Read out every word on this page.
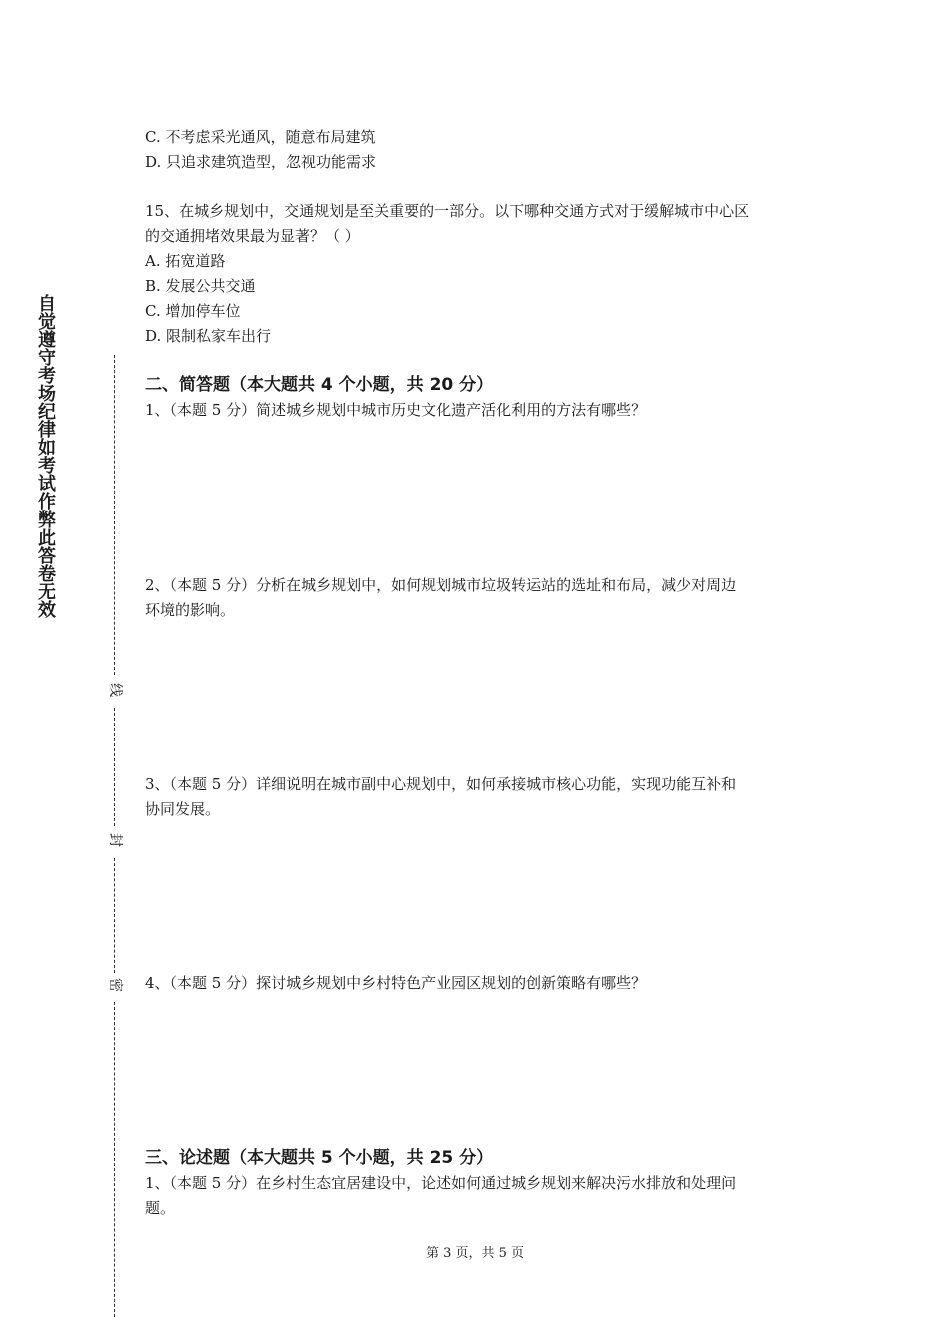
自觉遵守考场纪律如考试作弊此答卷无效
线
封
密
C. 不考虑采光通风，随意布局建筑
D. 只追求建筑造型，忽视功能需求
15、在城乡规划中，交通规划是至关重要的一部分。以下哪种交通方式对于缓解城市中心区
的交通拥堵效果最为显著？（ ）
A. 拓宽道路
B. 发展公共交通
C. 增加停车位
D. 限制私家车出行
二、简答题（本大题共 4 个小题，共 20 分）
1、（本题 5 分）简述城乡规划中城市历史文化遗产活化利用的方法有哪些？
2、（本题 5 分）分析在城乡规划中，如何规划城市垃圾转运站的选址和布局，减少对周边
环境的影响。
3、（本题 5 分）详细说明在城市副中心规划中，如何承接城市核心功能，实现功能互补和
协同发展。
4、（本题 5 分）探讨城乡规划中乡村特色产业园区规划的创新策略有哪些？
三、论述题（本大题共 5 个小题，共 25 分）
1、（本题 5 分）在乡村生态宜居建设中，论述如何通过城乡规划来解决污水排放和处理问
题。
第 3 页，共 5 页
